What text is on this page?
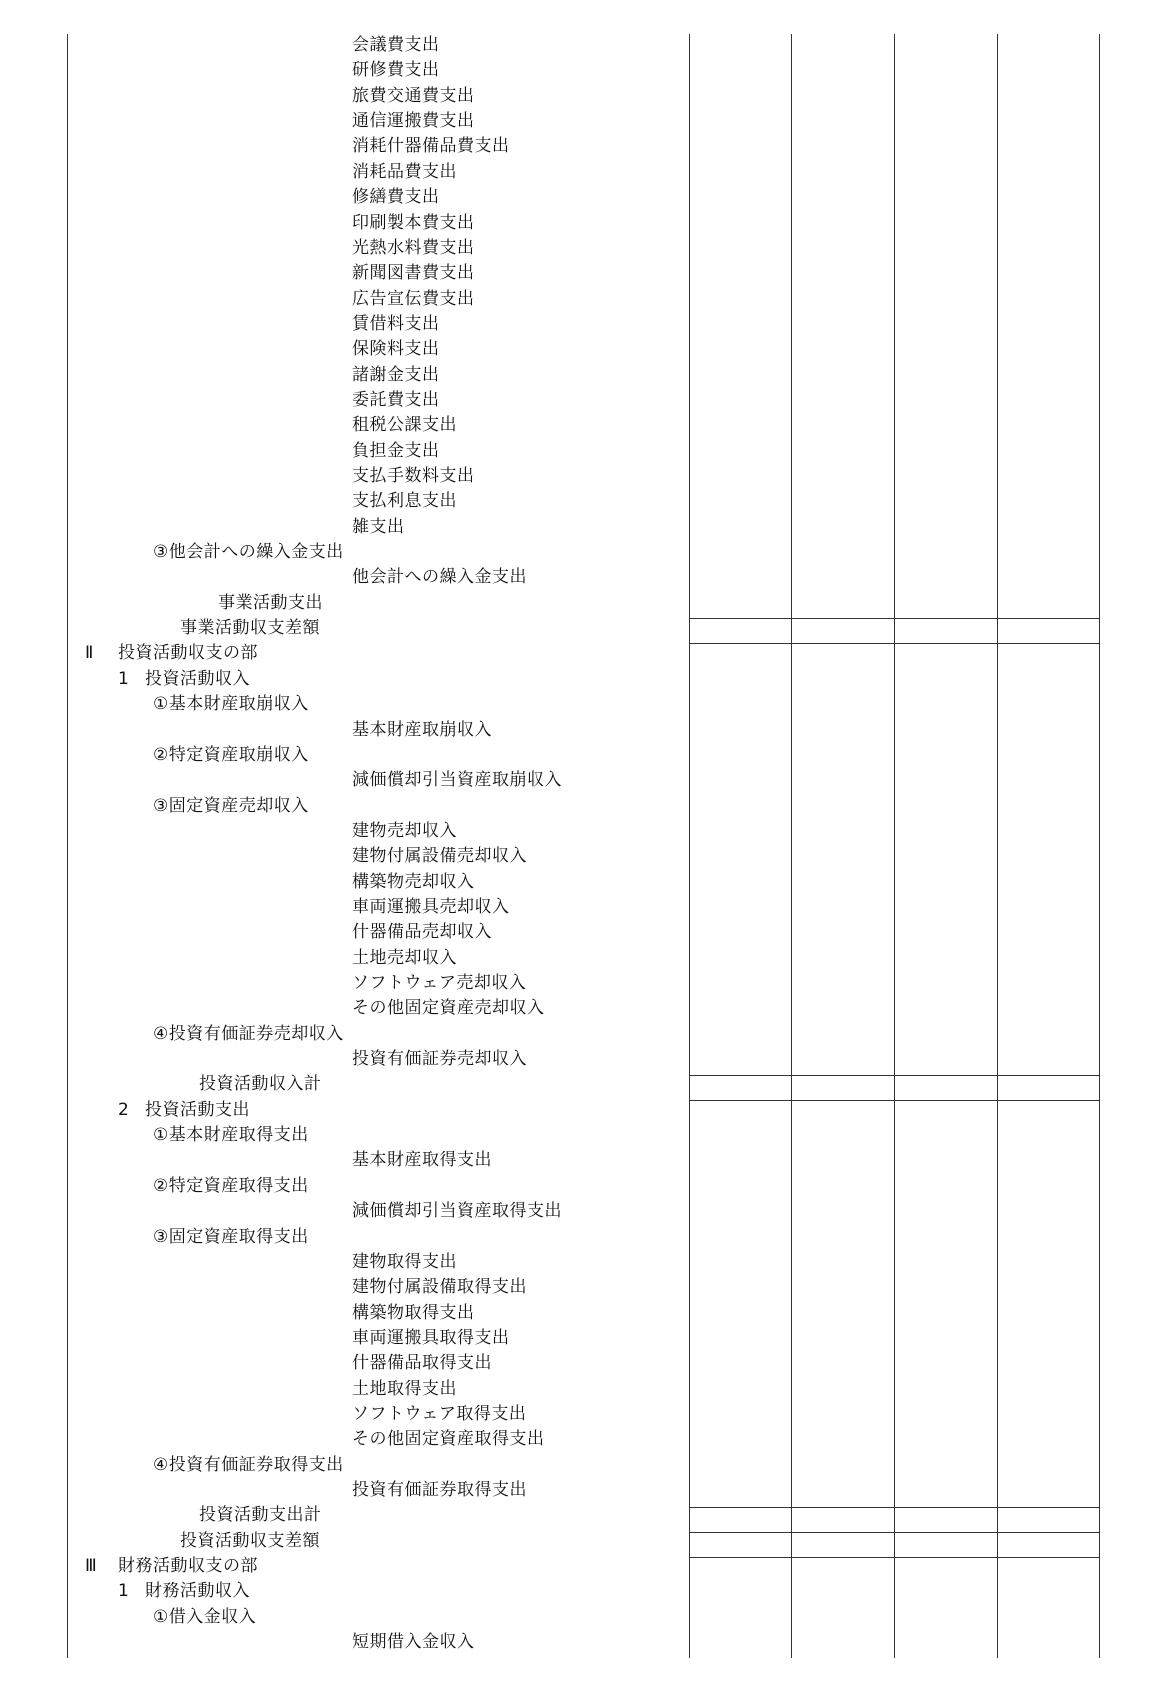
会議費支出
研修費支出
旅費交通費支出
通信運搬費支出
消耗什器備品費支出
消耗品費支出
修繕費支出
印刷製本費支出
光熱水料費支出
新聞図書費支出
広告宣伝費支出
賃借料支出
保険料支出
諸謝金支出
委託費支出
租税公課支出
負担金支出
支払手数料支出
支払利息支出
雑支出
③他会計への繰入金支出
他会計への繰入金支出
事業活動支出
事業活動収支差額
Ⅱ 投資活動収支の部
1 投資活動収入
①基本財産取崩収入
基本財産取崩収入
②特定資産取崩収入
減価償却引当資産取崩収入
③固定資産売却収入
建物売却収入
建物付属設備売却収入
構築物売却収入
車両運搬具売却収入
什器備品売却収入
土地売却収入
ソフトウェア売却収入
その他固定資産売却収入
④投資有価証券売却収入
投資有価証券売却収入
投資活動収入計
2 投資活動支出
①基本財産取得支出
基本財産取得支出
②特定資産取得支出
減価償却引当資産取得支出
③固定資産取得支出
建物取得支出
建物付属設備取得支出
構築物取得支出
車両運搬具取得支出
什器備品取得支出
土地取得支出
ソフトウェア取得支出
その他固定資産取得支出
④投資有価証券取得支出
投資有価証券取得支出
投資活動支出計
投資活動収支差額
Ⅲ 財務活動収支の部
1 財務活動収入
①借入金収入
短期借入金収入
